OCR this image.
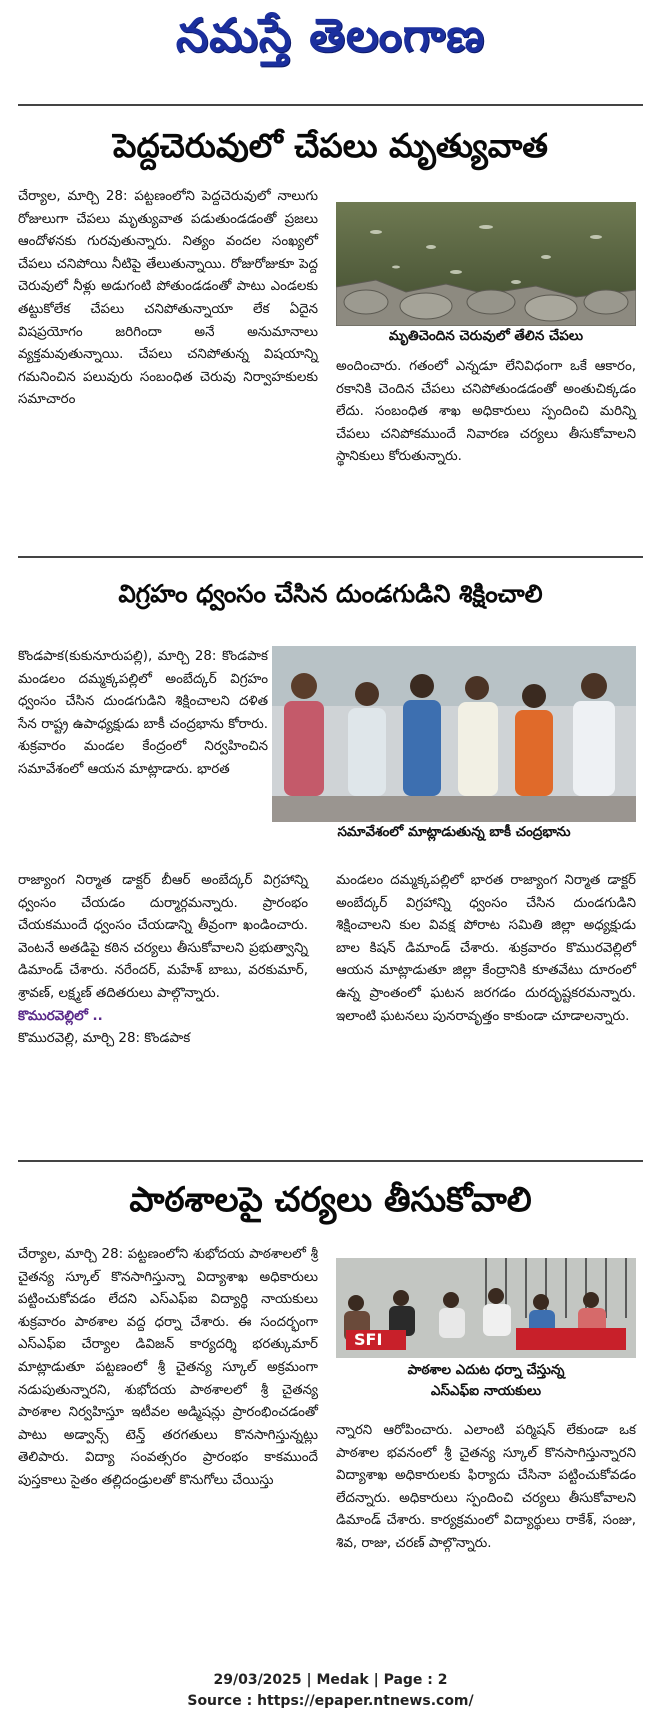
నమస్తే తెలంగాణ
పెద్దచెరువులో చేపలు మృత్యువాత

చేర్యాల, మార్చి 28: పట్టణంలోని పెద్దచెరువులో నాలుగు రోజులుగా చేపలు మృత్యువాత పడుతుండడంతో ప్రజలు ఆందోళనకు గురవుతున్నారు. నిత్యం వందల సంఖ్యలో చేపలు చనిపోయి నీటిపై తేలుతున్నాయి. రోజురోజుకూ పెద్ద చెరువులో నీళ్లు అడుగంటి పోతుండడంతో పాటు ఎండలకు తట్టుకోలేక చేపలు చనిపోతున్నాయా లేక ఏదైన విషప్రయోగం జరిగిందా అనే అనుమానాలు వ్యక్తమవుతున్నాయి. చేపలు చనిపోతున్న విషయాన్ని గమనించిన పలువురు సంబంధిత చెరువు నిర్వాహకులకు సమాచారం

మృతిచెందిన చెరువులో తేలిన చేపలు

అందించారు. గతంలో ఎన్నడూ లేనివిధంగా ఒకే ఆకారం, రకానికి చెందిన చేపలు చనిపోతుండడంతో అంతుచిక్కడం లేదు. సంబంధిత శాఖ అధికారులు స్పందించి మరిన్ని చేపలు చనిపోకముందే నివారణ చర్యలు తీసుకోవాలని స్థానికులు కోరుతున్నారు.

విగ్రహం ధ్వంసం చేసిన దుండగుడిని శిక్షించాలి

కొండపాక(కుకునూరుపల్లి), మార్చి 28: కొండపాక మండలం దమ్మక్కపల్లిలో అంబేద్కర్ విగ్రహం ధ్వంసం చేసిన దుండగుడిని శిక్షించాలని దళిత సేన రాష్ట్ర ఉపాధ్యక్షుడు బాకీ చంద్రభాను కోరారు. శుక్రవారం మండల కేంద్రంలో నిర్వహించిన సమావేశంలో ఆయన మాట్లాడారు. భారత

సమావేశంలో మాట్లాడుతున్న బాకీ చంద్రభాను

రాజ్యాంగ నిర్మాత డాక్టర్ బీఆర్ అంబేద్కర్ విగ్రహాన్ని ధ్వంసం చేయడం దుర్మార్గమన్నారు. ప్రారంభం చేయకముందే ధ్వంసం చేయడాన్ని తీవ్రంగా ఖండించారు. వెంటనే అతడిపై కఠిన చర్యలు తీసుకోవాలని ప్రభుత్వాన్ని డిమాండ్ చేశారు. నరేందర్, మహేశ్ బాబు, వరకుమార్, శ్రావణ్, లక్ష్మణ్ తదితరులు పాల్గొన్నారు.

కొమురవెల్లిలో ..

కొమురవెల్లి, మార్చి 28: కొండపాక

మండలం దమ్మక్కపల్లిలో భారత రాజ్యాంగ నిర్మాత డాక్టర్ అంబేద్కర్ విగ్రహాన్ని ధ్వంసం చేసిన దుండగుడిని శిక్షించాలని కుల వివక్ష పోరాట సమితి జిల్లా అధ్యక్షుడు బాల కిషన్ డిమాండ్ చేశారు. శుక్రవారం కొమురవెల్లిలో ఆయన మాట్లాడుతూ జిల్లా కేంద్రానికి కూతవేటు దూరంలో ఉన్న ప్రాంతంలో ఘటన జరగడం దురదృష్టకరమన్నారు. ఇలాంటి ఘటనలు పునరావృత్తం కాకుండా చూడాలన్నారు.

పాఠశాలపై చర్యలు తీసుకోవాలి

చేర్యాల, మార్చి 28: పట్టణంలోని శుభోదయ పాఠశాలలో శ్రీ చైతన్య స్కూల్ కొనసాగిస్తున్నా విద్యాశాఖ అధికారులు పట్టించుకోవడం లేదని ఎస్ఎఫ్ఐ విద్యార్థి నాయకులు శుక్రవారం పాఠశాల వద్ద ధర్నా చేశారు. ఈ సందర్భంగా ఎస్ఎఫ్ఐ చేర్యాల డివిజన్ కార్యదర్శి భరత్కుమార్ మాట్లాడుతూ పట్టణంలో శ్రీ చైతన్య స్కూల్ అక్రమంగా నడుపుతున్నారని, శుభోదయ పాఠశాలలో శ్రీ చైతన్య పాఠశాల నిర్వహిస్తూ ఇటీవల అడ్మిషన్లు ప్రారంభించడంతో పాటు అడ్వాన్స్ టెన్త్ తరగతులు కొనసాగిస్తున్నట్లు తెలిపారు. విద్యా సంవత్సరం ప్రారంభం కాకముందే పుస్తకాలు సైతం తల్లిదండ్రులతో కొనుగోలు చేయిస్తు

SFI
పాఠశాల ఎదుట ధర్నా చేస్తున్న
ఎస్ఎఫ్ఐ నాయకులు

న్నారని ఆరోపించారు. ఎలాంటి పర్మిషన్ లేకుండా ఒక పాఠశాల భవనంలో శ్రీ చైతన్య స్కూల్ కొనసాగిస్తున్నారని విద్యాశాఖ అధికారులకు ఫిర్యాదు చేసినా పట్టించుకోవడం లేదన్నారు. అధికారులు స్పందించి చర్యలు తీసుకోవాలని డిమాండ్ చేశారు. కార్యక్రమంలో విద్యార్థులు రాకేశ్, సంజు, శివ, రాజు, చరణ్ పాల్గొన్నారు.

29/03/2025 | Medak | Page : 2
Source : https://epaper.ntnews.com/
